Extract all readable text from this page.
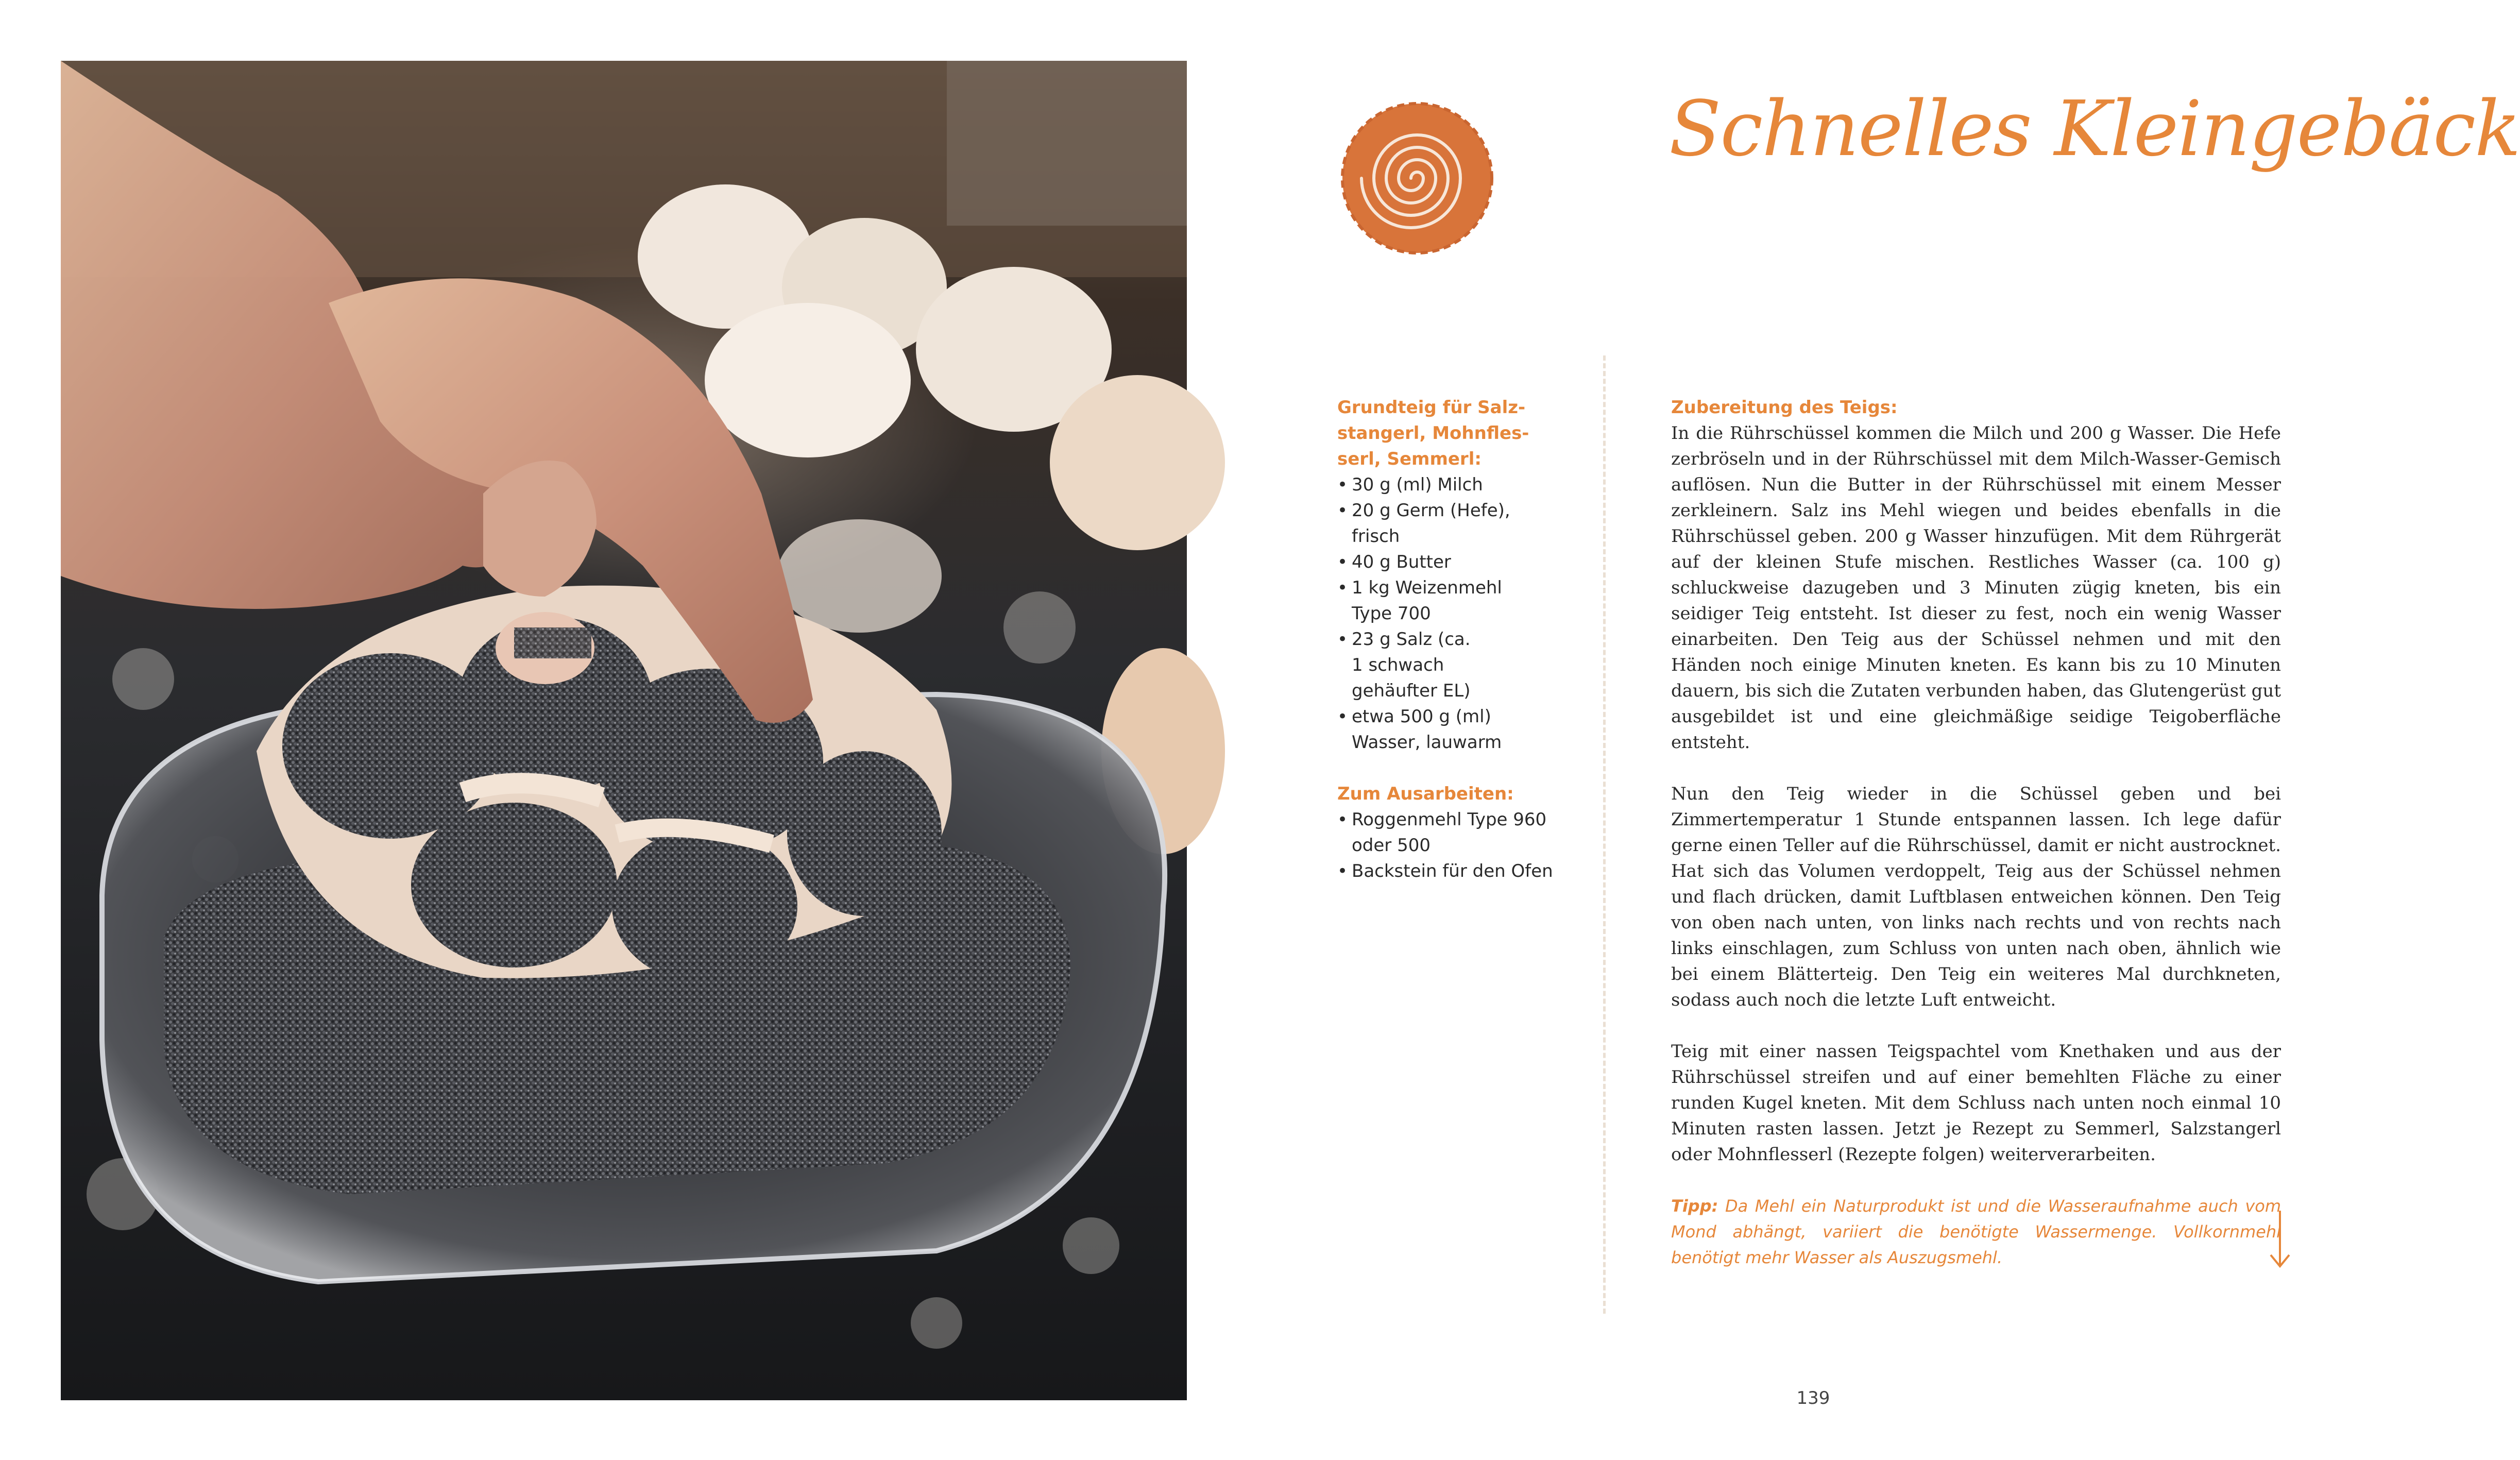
Schnelles Kleingebäck

Grundteig für Salz-
stangerl, Mohnfles-
serl, Semmerl:

• 30 g (ml) Milch
• 20 g Germ (Hefe),
frisch
• 40 g Butter
• 1 kg Weizenmehl
Type 700
• 23 g Salz (ca.
1 schwach
gehäufter EL)
• etwa 500 g (ml)
Wasser, lauwarm

Zum Ausarbeiten:

• Roggenmehl Type 960
oder 500
• Backstein für den Ofen

Zubereitung des Teigs:

In die Rührschüssel kommen die Milch und 200 g Wasser. Die Hefe zerbröseln und in der Rührschüssel mit dem Milch-Wasser-Gemisch auflösen. Nun die Butter in der Rührschüssel mit einem Messer zerkleinern. Salz ins Mehl wiegen und beides ebenfalls in die Rührschüssel geben. 200 g Wasser hinzufügen. Mit dem Rührgerät auf der kleinen Stufe mischen. Restliches Wasser (ca. 100 g) schluckweise dazugeben und 3 Minuten zügig kneten, bis ein seidiger Teig entsteht. Ist dieser zu fest, noch ein wenig Wasser einarbeiten. Den Teig aus der Schüssel nehmen und mit den Händen noch einige Minuten kneten. Es kann bis zu 10 Minuten dauern, bis sich die Zutaten verbunden haben, das Glutengerüst gut ausgebildet ist und eine gleichmäßige seidige Teigoberfläche entsteht.

Nun den Teig wieder in die Schüssel geben und bei Zimmertemperatur 1 Stunde entspannen lassen. Ich lege dafür gerne einen Teller auf die Rührschüssel, damit er nicht austrocknet. Hat sich das Volumen verdoppelt, Teig aus der Schüssel nehmen und flach drücken, damit Luftblasen entweichen können. Den Teig von oben nach unten, von links nach rechts und von rechts nach links einschlagen, zum Schluss von unten nach oben, ähnlich wie bei einem Blätterteig. Den Teig ein weiteres Mal durchkneten, sodass auch noch die letzte Luft entweicht.

Teig mit einer nassen Teigspachtel vom Knethaken und aus der Rührschüssel streifen und auf einer bemehlten Fläche zu einer runden Kugel kneten. Mit dem Schluss nach unten noch einmal 10 Minuten rasten lassen. Jetzt je Rezept zu Semmerl, Salzstangerl oder Mohnflesserl (Rezepte folgen) weiterverarbeiten.

Tipp: Da Mehl ein Naturprodukt ist und die Wasseraufnahme auch vom Mond abhängt, variiert die benötigte Wassermenge. Vollkornmehl benötigt mehr Wasser als Auszugsmehl.

139
